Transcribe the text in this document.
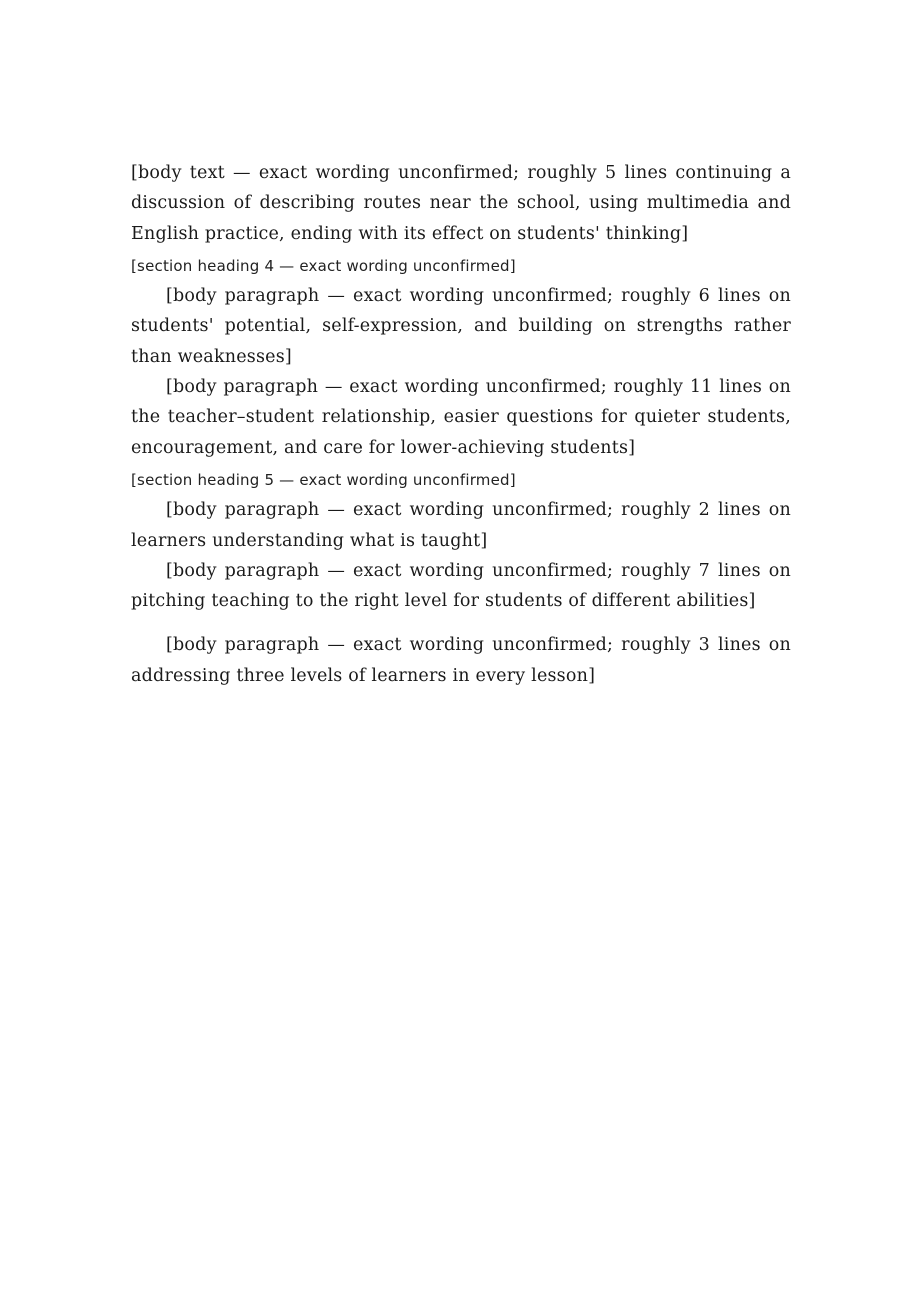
[body text — exact wording unconfirmed; roughly 5 lines continuing a discussion of describing routes near the school, using multimedia and English practice, ending with its effect on students' thinking]

[section heading 4 — exact wording unconfirmed]

[body paragraph — exact wording unconfirmed; roughly 6 lines on students' potential, self-expression, and building on strengths rather than weaknesses]

[body paragraph — exact wording unconfirmed; roughly 11 lines on the teacher–student relationship, easier questions for quieter students, encouragement, and care for lower-achieving students]

[section heading 5 — exact wording unconfirmed]

[body paragraph — exact wording unconfirmed; roughly 2 lines on learners understanding what is taught]

[body paragraph — exact wording unconfirmed; roughly 7 lines on pitching teaching to the right level for students of different abilities]

[body paragraph — exact wording unconfirmed; roughly 3 lines on addressing three levels of learners in every lesson]
